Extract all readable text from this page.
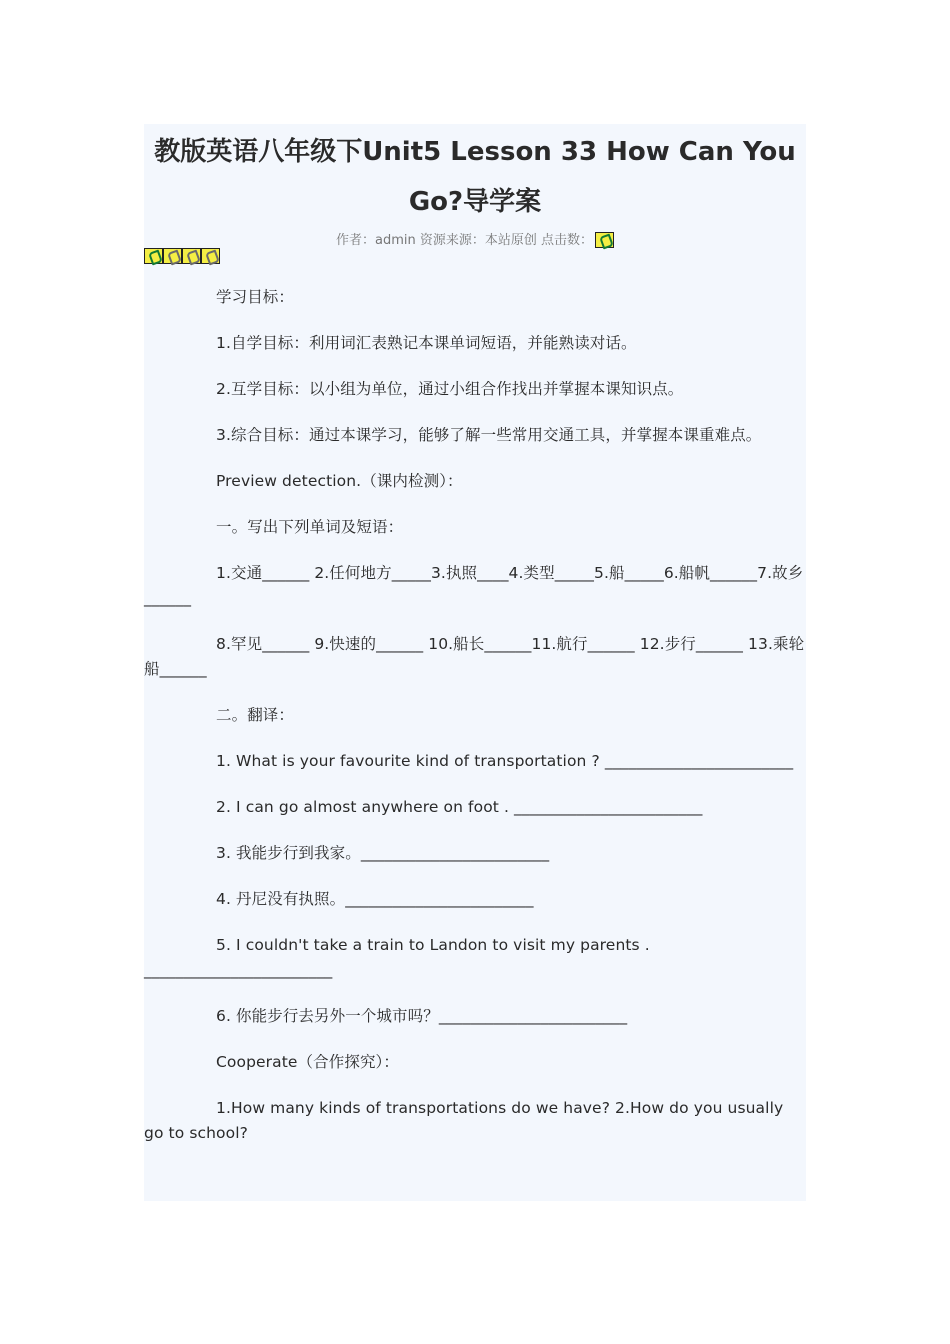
教版英语八年级下Unit5 Lesson 33 How Can You Go?导学案
作者：admin 资源来源：本站原创 点击数：

学习目标：

1.自学目标：利用词汇表熟记本课单词短语，并能熟读对话。

2.互学目标：以小组为单位，通过小组合作找出并掌握本课知识点。

3.综合目标：通过本课学习，能够了解一些常用交通工具，并掌握本课重难点。

Preview detection.（课内检测）：

一。写出下列单词及短语：

1.交通______ 2.任何地方_____3.执照____4.类型_____5.船_____6.船帆______7.故乡______

8.罕见______ 9.快速的______ 10.船长______11.航行______ 12.步行______ 13.乘轮船______

二。翻译：

1. What is your favourite kind of transportation ? ________________________

2. I can go almost anywhere on foot . ________________________

3. 我能步行到我家。________________________

4. 丹尼没有执照。________________________

5. I couldn't take a train to Landon to visit my parents . ________________________

6. 你能步行去另外一个城市吗？________________________

Cooperate（合作探究）：

1.How many kinds of transportations do we have? 2.How do you usually go to school?
